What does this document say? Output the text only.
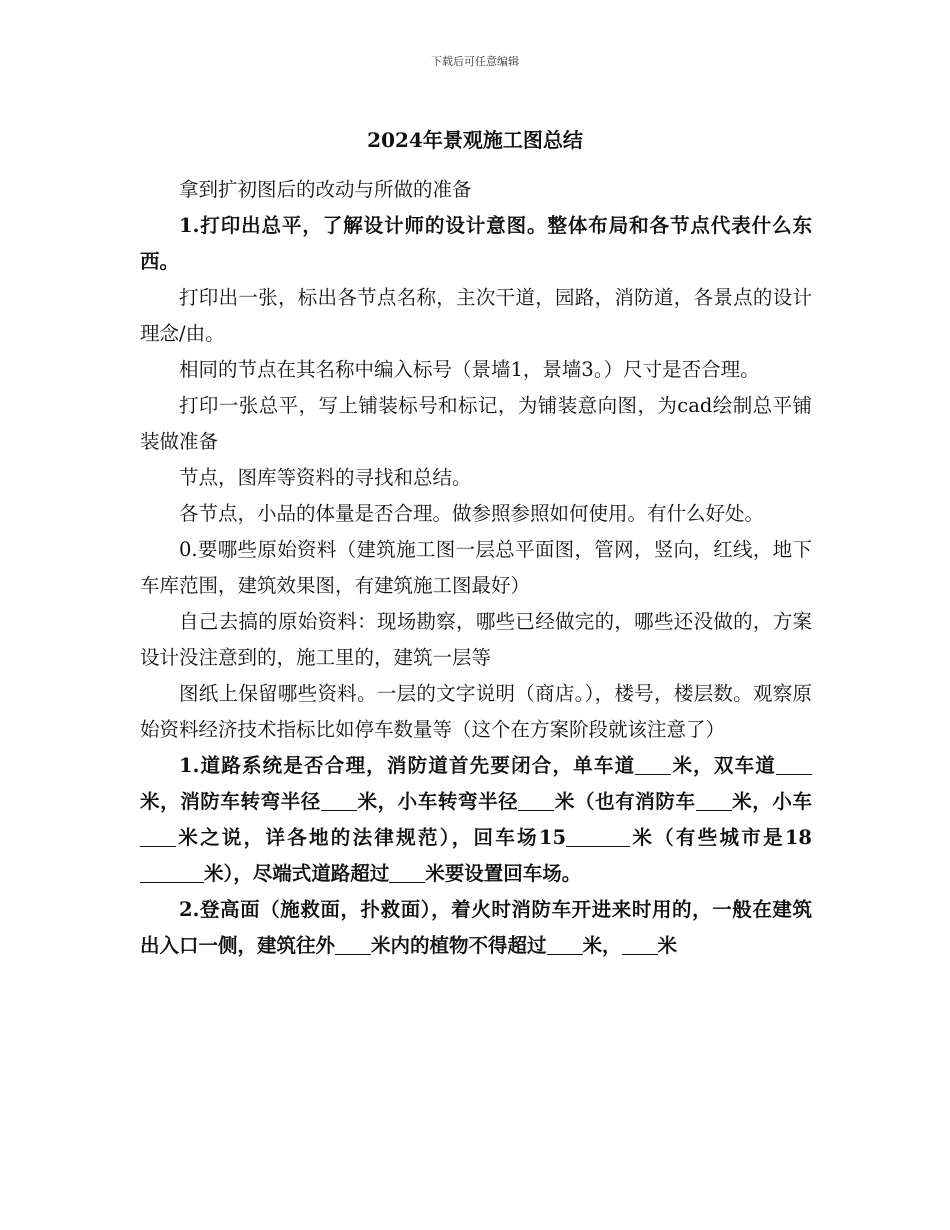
下载后可任意编辑
2024年景观施工图总结

拿到扩初图后的改动与所做的准备

1.打印出总平，了解设计师的设计意图。整体布局和各节点代表什么东西。

打印出一张，标出各节点名称，主次干道，园路，消防道，各景点的设计理念/由。

相同的节点在其名称中编入标号（景墙1，景墙3。）尺寸是否合理。

打印一张总平，写上铺装标号和标记，为铺装意向图，为cad绘制总平铺装做准备

节点，图库等资料的寻找和总结。

各节点，小品的体量是否合理。做参照参照如何使用。有什么好处。

0.要哪些原始资料（建筑施工图一层总平面图，管网，竖向，红线，地下车库范围，建筑效果图，有建筑施工图最好）

自己去搞的原始资料：现场勘察，哪些已经做完的，哪些还没做的，方案设计没注意到的，施工里的，建筑一层等

图纸上保留哪些资料。一层的文字说明（商店。），楼号，楼层数。观察原始资料经济技术指标比如停车数量等（这个在方案阶段就该注意了）

1.道路系统是否合理，消防道首先要闭合，单车道 米，双车道米，消防车转弯半径 米，小车转弯半径 米（也有消防车 米，小车米之说，详各地的法律规范），回车场15	米（有些城市是18米），尽端式道路超过 米要设置回车场。

2.登高面（施救面，扑救面），着火时消防车开进来时用的，一般在建筑出入口一侧，建筑往外 米内的植物不得超过 米， 米
